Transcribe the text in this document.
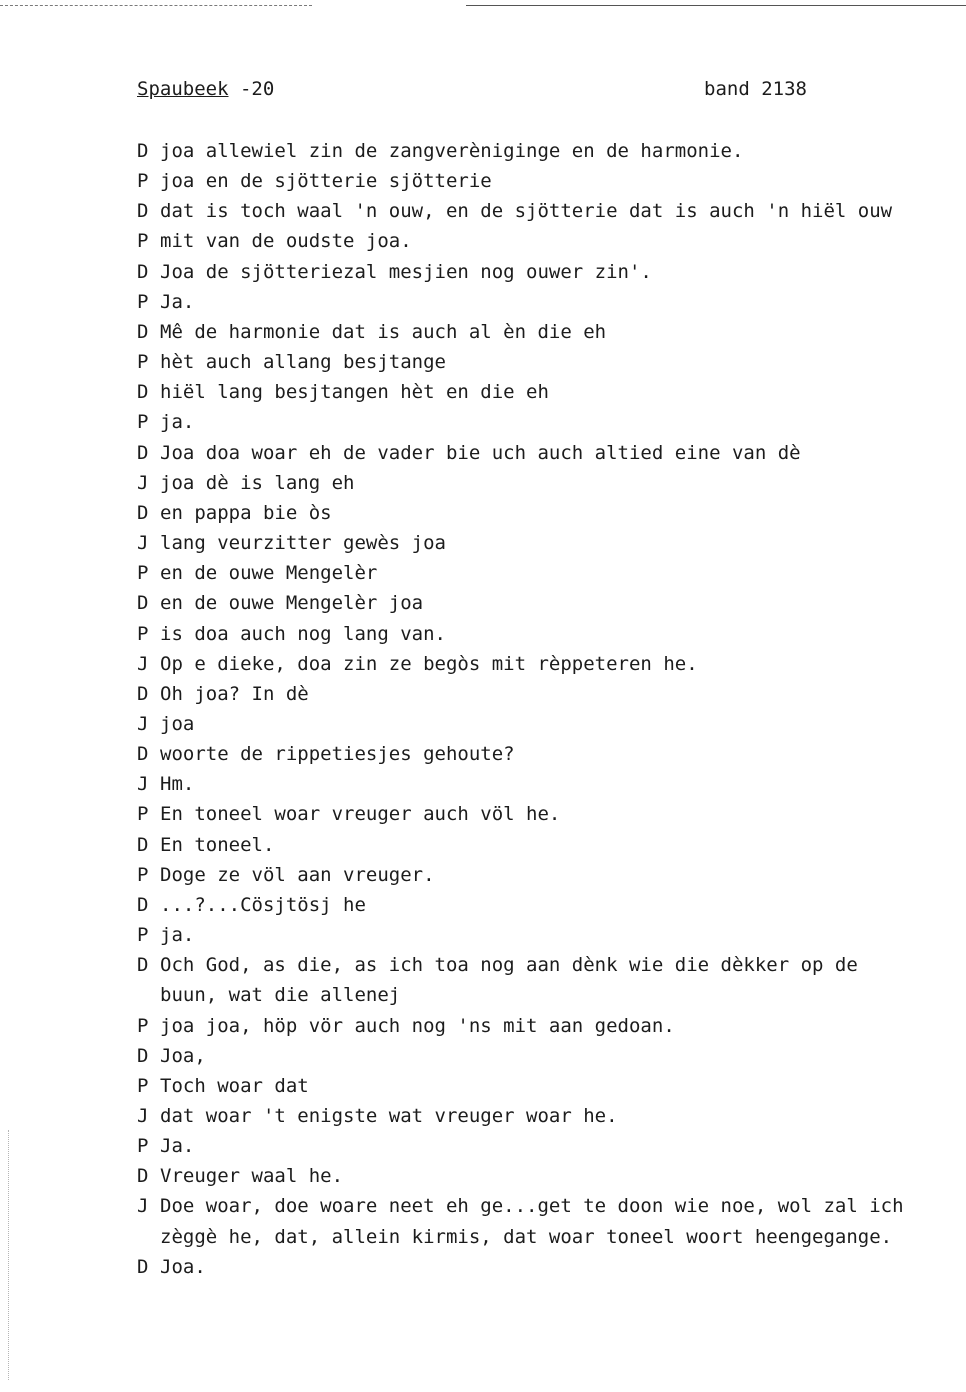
Spaubeek -20	band 2138
D joa allewiel zin de zangverèniginge en de harmonie.
P joa en de sjötterie sjötterie
D dat is toch waal 'n ouw, en de sjötterie dat is auch 'n hiël ouw
P mit van de oudste joa.
D Joa de sjötteriezal mesjien nog ouwer zin'.
P Ja.
D Mê de harmonie dat is auch al èn die eh
P hèt auch allang besjtange
D hiël lang besjtangen hèt en die eh
P ja.
D Joa doa woar eh de vader bie uch auch altied eine van dè
J joa dè is lang eh
D en pappa bie òs
J lang veurzitter gewès joa
P en de ouwe Mengelèr
D en de ouwe Mengelèr joa
P is doa auch nog lang van.
J Op e dieke, doa zin ze begòs mit rèppeteren he.
D Oh joa? In dè
J joa
D woorte de rippetiesjes gehoute?
J Hm.
P En toneel woar vreuger auch völ he.
D En toneel.
P Doge ze völ aan vreuger.
D ...?...Cösjtösj he
P ja.
D Och God, as die, as ich toa nog aan dènk wie die dèkker op de
buun, wat die allenej
P joa joa, höp vör auch nog 'ns mit aan gedoan.
D Joa,
P Toch woar dat
J dat woar 't enigste wat vreuger woar he.
P Ja.
D Vreuger waal he.
J Doe woar, doe woare neet eh ge...get te doon wie noe, wol zal ich
zèggè he, dat, allein kirmis, dat woar toneel woort heengegange.
D Joa.
